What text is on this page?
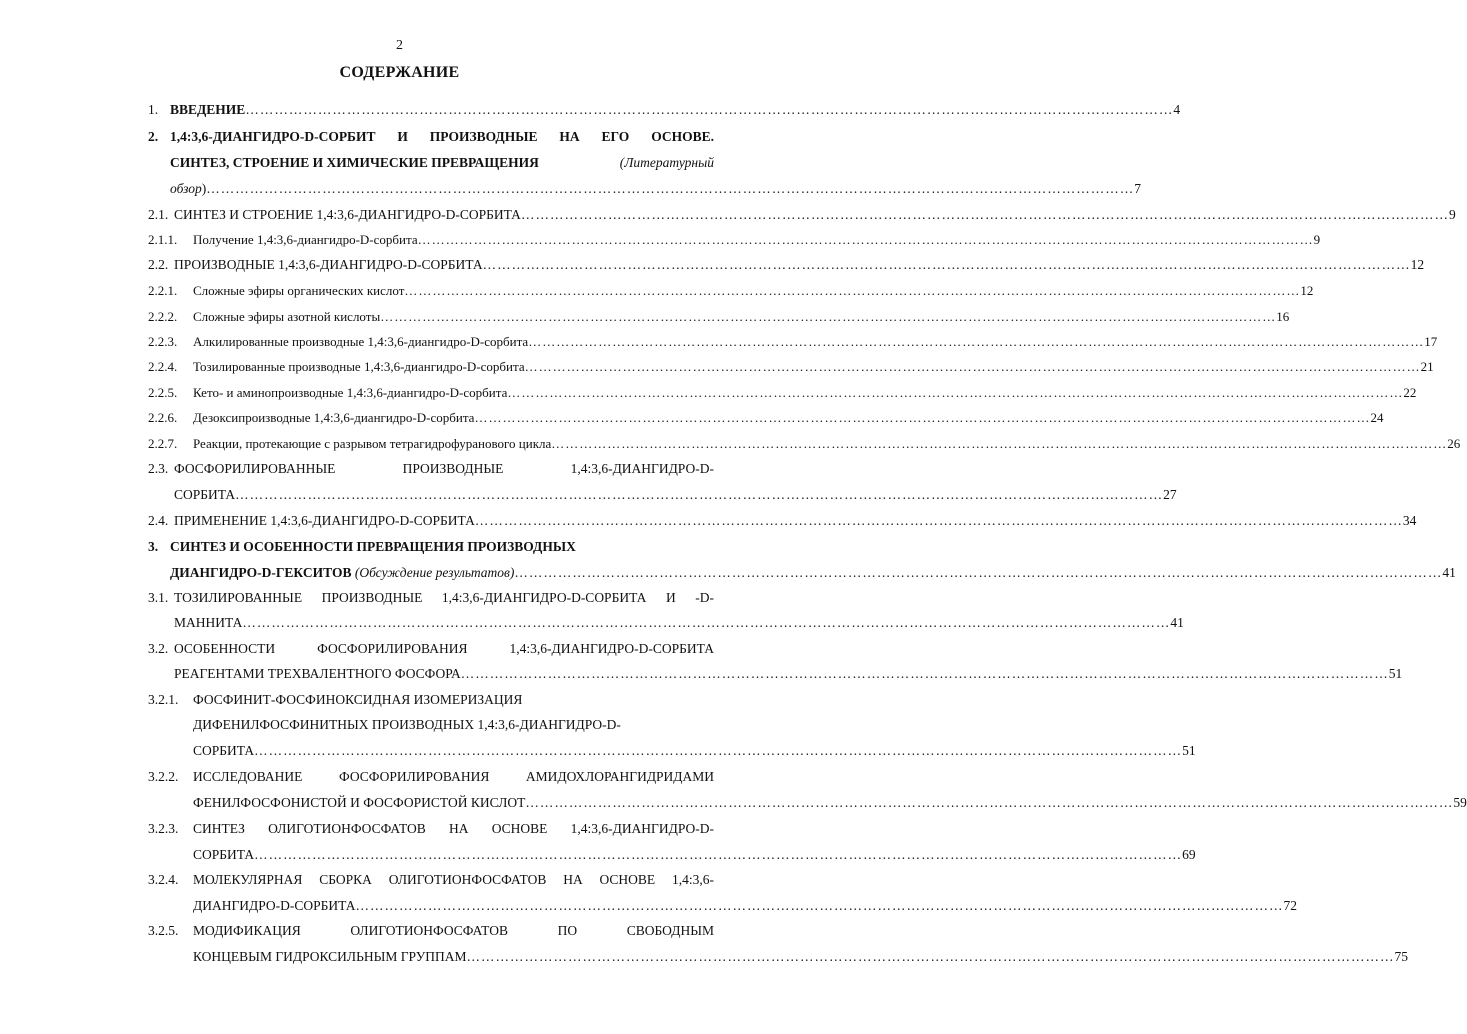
2
СОДЕРЖАНИЕ
1. ВВЕДЕНИЕ ………………………………………………………………………………………………………………………………………………………………………… 4
2. 1,4:3,6-ДИАНГИДРО-D-СОРБИТ И ПРОИЗВОДНЫЕ НА ЕГО ОСНОВЕ.
СИНТЕЗ, СТРОЕНИЕ И ХИМИЧЕСКИЕ ПРЕВРАЩЕНИЯ	(Литературный
обзор) ………………………………………………………………………………………………………………………………………………………………………… 7
2.1. СИНТЕЗ И СТРОЕНИЕ 1,4:3,6-ДИАНГИДРО-D-СОРБИТА ………………………………………………………………………………………………………………………………………………………………………… 9
2.1.1. Получение 1,4:3,6-диангидро-D-сорбита ………………………………………………………………………………………………………………………………………………………………………… 9
2.2. ПРОИЗВОДНЫЕ 1,4:3,6-ДИАНГИДРО-D-СОРБИТА ………………………………………………………………………………………………………………………………………………………………………… 12
2.2.1. Сложные эфиры органических кислот ………………………………………………………………………………………………………………………………………………………………………… 12
2.2.2. Сложные эфиры азотной кислоты ………………………………………………………………………………………………………………………………………………………………………… 16
2.2.3. Алкилированные производные 1,4:3,6-диангидро-D-сорбита ………………………………………………………………………………………………………………………………………………………………………… 17
2.2.4. Тозилированные производные 1,4:3,6-диангидро-D-сорбита ………………………………………………………………………………………………………………………………………………………………………… 21
2.2.5. Кето- и аминопроизводные 1,4:3,6-диангидро-D-сорбита ………………………………………………………………………………………………………………………………………………………………………… 22
2.2.6. Дезоксипроизводные 1,4:3,6-диангидро-D-сорбита ………………………………………………………………………………………………………………………………………………………………………… 24
2.2.7. Реакции, протекающие с разрывом тетрагидрофуранового цикла ………………………………………………………………………………………………………………………………………………………………………… 26
2.3. ФОСФОРИЛИРОВАННЫЕ	ПРОИЗВОДНЫЕ	1,4:3,6-ДИАНГИДРО-D-
СОРБИТА ………………………………………………………………………………………………………………………………………………………………………… 27
2.4. ПРИМЕНЕНИЕ 1,4:3,6-ДИАНГИДРО-D-СОРБИТА ………………………………………………………………………………………………………………………………………………………………………… 34
3. СИНТЕЗ И ОСОБЕННОСТИ ПРЕВРАЩЕНИЯ ПРОИЗВОДНЫХ
ДИАНГИДРО-D-ГЕКСИТОВ (Обсуждение результатов) ………………………………………………………………………………………………………………………………………………………………………… 41
3.1. ТОЗИЛИРОВАННЫЕ ПРОИЗВОДНЫЕ 1,4:3,6-ДИАНГИДРО-D-СОРБИТА И -D-
МАННИТА ………………………………………………………………………………………………………………………………………………………………………… 41
3.2. ОСОБЕННОСТИ ФОСФОРИЛИРОВАНИЯ 1,4:3,6-ДИАНГИДРО-D-СОРБИТА
РЕАГЕНТАМИ ТРЕХВАЛЕНТНОГО ФОСФОРА ………………………………………………………………………………………………………………………………………………………………………… 51
3.2.1. ФОСФИНИТ-ФОСФИНОКСИДНАЯ ИЗОМЕРИЗАЦИЯ
ДИФЕНИЛФОСФИНИТНЫХ ПРОИЗВОДНЫХ 1,4:3,6-ДИАНГИДРО-D-
СОРБИТА ………………………………………………………………………………………………………………………………………………………………………… 51
3.2.2.	ИССЛЕДОВАНИЕ ФОСФОРИЛИРОВАНИЯ АМИДОХЛОРАНГИДРИДАМИ
ФЕНИЛФОСФОНИСТОЙ И ФОСФОРИСТОЙ КИСЛОТ ………………………………………………………………………………………………………………………………………………………………………… 59
3.2.3.	СИНТЕЗ ОЛИГОТИОНФОСФАТОВ НА ОСНОВЕ 1,4:3,6-ДИАНГИДРО-D-
СОРБИТА ………………………………………………………………………………………………………………………………………………………………………… 69
3.2.4.	МОЛЕКУЛЯРНАЯ СБОРКА ОЛИГОТИОНФОСФАТОВ НА ОСНОВЕ 1,4:3,6-
ДИАНГИДРО-D-СОРБИТА ………………………………………………………………………………………………………………………………………………………………………… 72
3.2.5. МОДИФИКАЦИЯ	ОЛИГОТИОНФОСФАТОВ	ПО	СВОБОДНЫМ
КОНЦЕВЫМ ГИДРОКСИЛЬНЫМ ГРУППАМ ………………………………………………………………………………………………………………………………………………………………………… 75
